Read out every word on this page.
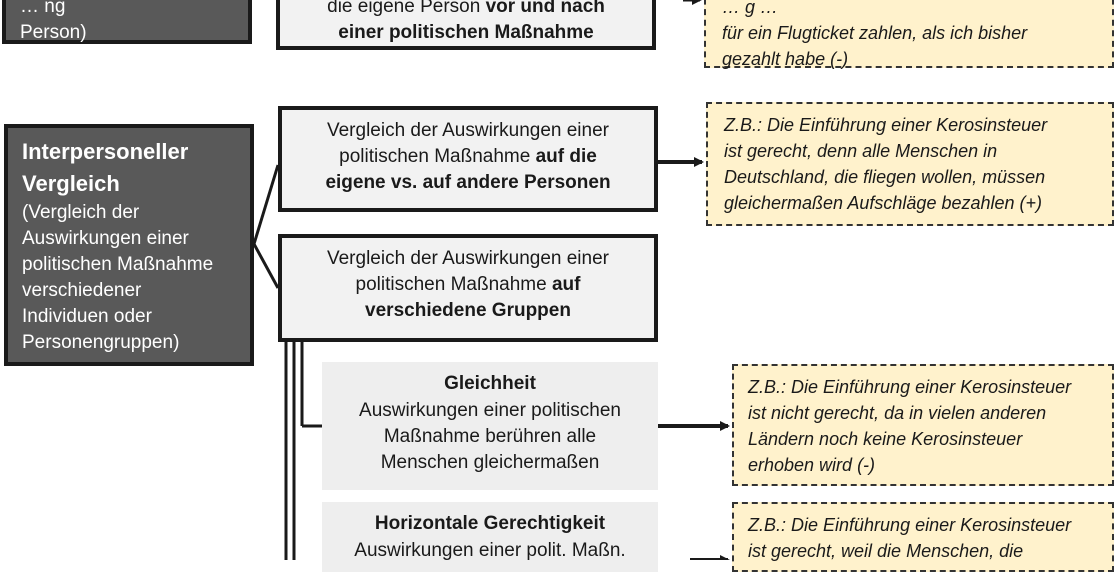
… ng
Person)
die eigene Person vor und nach
einer politischen Maßnahme
… g …
für ein Flugticket zahlen, als ich bisher
gezahlt habe (-)
Interpersoneller
Vergleich
(Vergleich der
Auswirkungen einer
politischen Maßnahme
verschiedener
Individuen oder
Personengruppen)
Vergleich der Auswirkungen einer
politischen Maßnahme auf die
eigene vs. auf andere Personen
Z.B.: Die Einführung einer Kerosinsteuer
ist gerecht, denn alle Menschen in
Deutschland, die fliegen wollen, müssen
gleichermaßen Aufschläge bezahlen (+)
Vergleich der Auswirkungen einer
politischen Maßnahme auf
verschiedene Gruppen
Gleichheit
Auswirkungen einer politischen
Maßnahme berühren alle
Menschen gleichermaßen
Z.B.: Die Einführung einer Kerosinsteuer
ist nicht gerecht, da in vielen anderen
Ländern noch keine Kerosinsteuer
erhoben wird (-)
Horizontale Gerechtigkeit
Auswirkungen einer polit. Maßn.
Z.B.: Die Einführung einer Kerosinsteuer
ist gerecht, weil die Menschen, die
